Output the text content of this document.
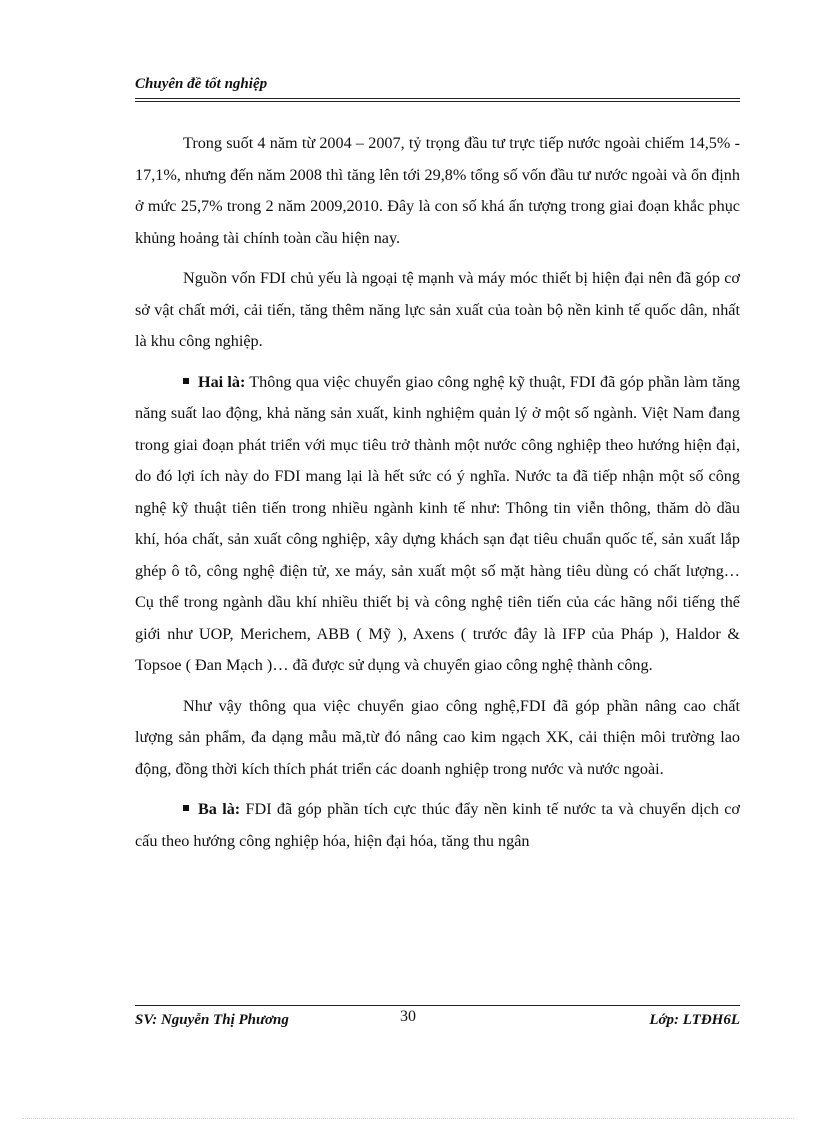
Chuyên đề tốt nghiệp

Trong suốt 4 năm từ 2004 – 2007, tỷ trọng đầu tư trực tiếp nước ngoài chiếm 14,5% - 17,1%, nhưng đến năm 2008 thì tăng lên tới 29,8% tổng số vốn đầu tư nước ngoài và ổn định ở mức 25,7% trong 2 năm 2009,2010. Đây là con số khá ấn tượng trong giai đoạn khắc phục khủng hoảng tài chính toàn cầu hiện nay.

Nguồn vốn FDI chủ yếu là ngoại tệ mạnh và máy móc thiết bị hiện đại nên đã góp cơ sở vật chất mới, cải tiến, tăng thêm năng lực sản xuất của toàn bộ nền kinh tế quốc dân, nhất là khu công nghiệp.

Hai là: Thông qua việc chuyển giao công nghệ kỹ thuật, FDI đã góp phần làm tăng năng suất lao động, khả năng sản xuất, kinh nghiệm quản lý ở một số ngành. Việt Nam đang trong giai đoạn phát triển với mục tiêu trở thành một nước công nghiệp theo hướng hiện đại, do đó lợi ích này do FDI mang lại là hết sức có ý nghĩa. Nước ta đã tiếp nhận một số công nghệ kỹ thuật tiên tiến trong nhiều ngành kinh tế như: Thông tin viễn thông, thăm dò dầu khí, hóa chất, sản xuất công nghiệp, xây dựng khách sạn đạt tiêu chuẩn quốc tế, sản xuất lắp ghép ô tô, công nghệ điện tử, xe máy, sản xuất một số mặt hàng tiêu dùng có chất lượng… Cụ thể trong ngành dầu khí nhiều thiết bị và công nghệ tiên tiến của các hãng nổi tiếng thế giới như UOP, Merichem, ABB ( Mỹ ), Axens ( trước đây là IFP của Pháp ), Haldor & Topsoe ( Đan Mạch )… đã được sử dụng và chuyển giao công nghệ thành công.

Như vậy thông qua việc chuyển giao công nghệ,FDI đã góp phần nâng cao chất lượng sản phẩm, đa dạng mẫu mã,từ đó nâng cao kim ngạch XK, cải thiện môi trường lao động, đồng thời kích thích phát triển các doanh nghiệp trong nước và nước ngoài.

Ba là: FDI đã góp phần tích cực thúc đẩy nền kinh tế nước ta và chuyển dịch cơ cấu theo hướng công nghiệp hóa, hiện đại hóa, tăng thu ngân

SV: Nguyễn Thị Phương	30	Lớp: LTĐH6L
